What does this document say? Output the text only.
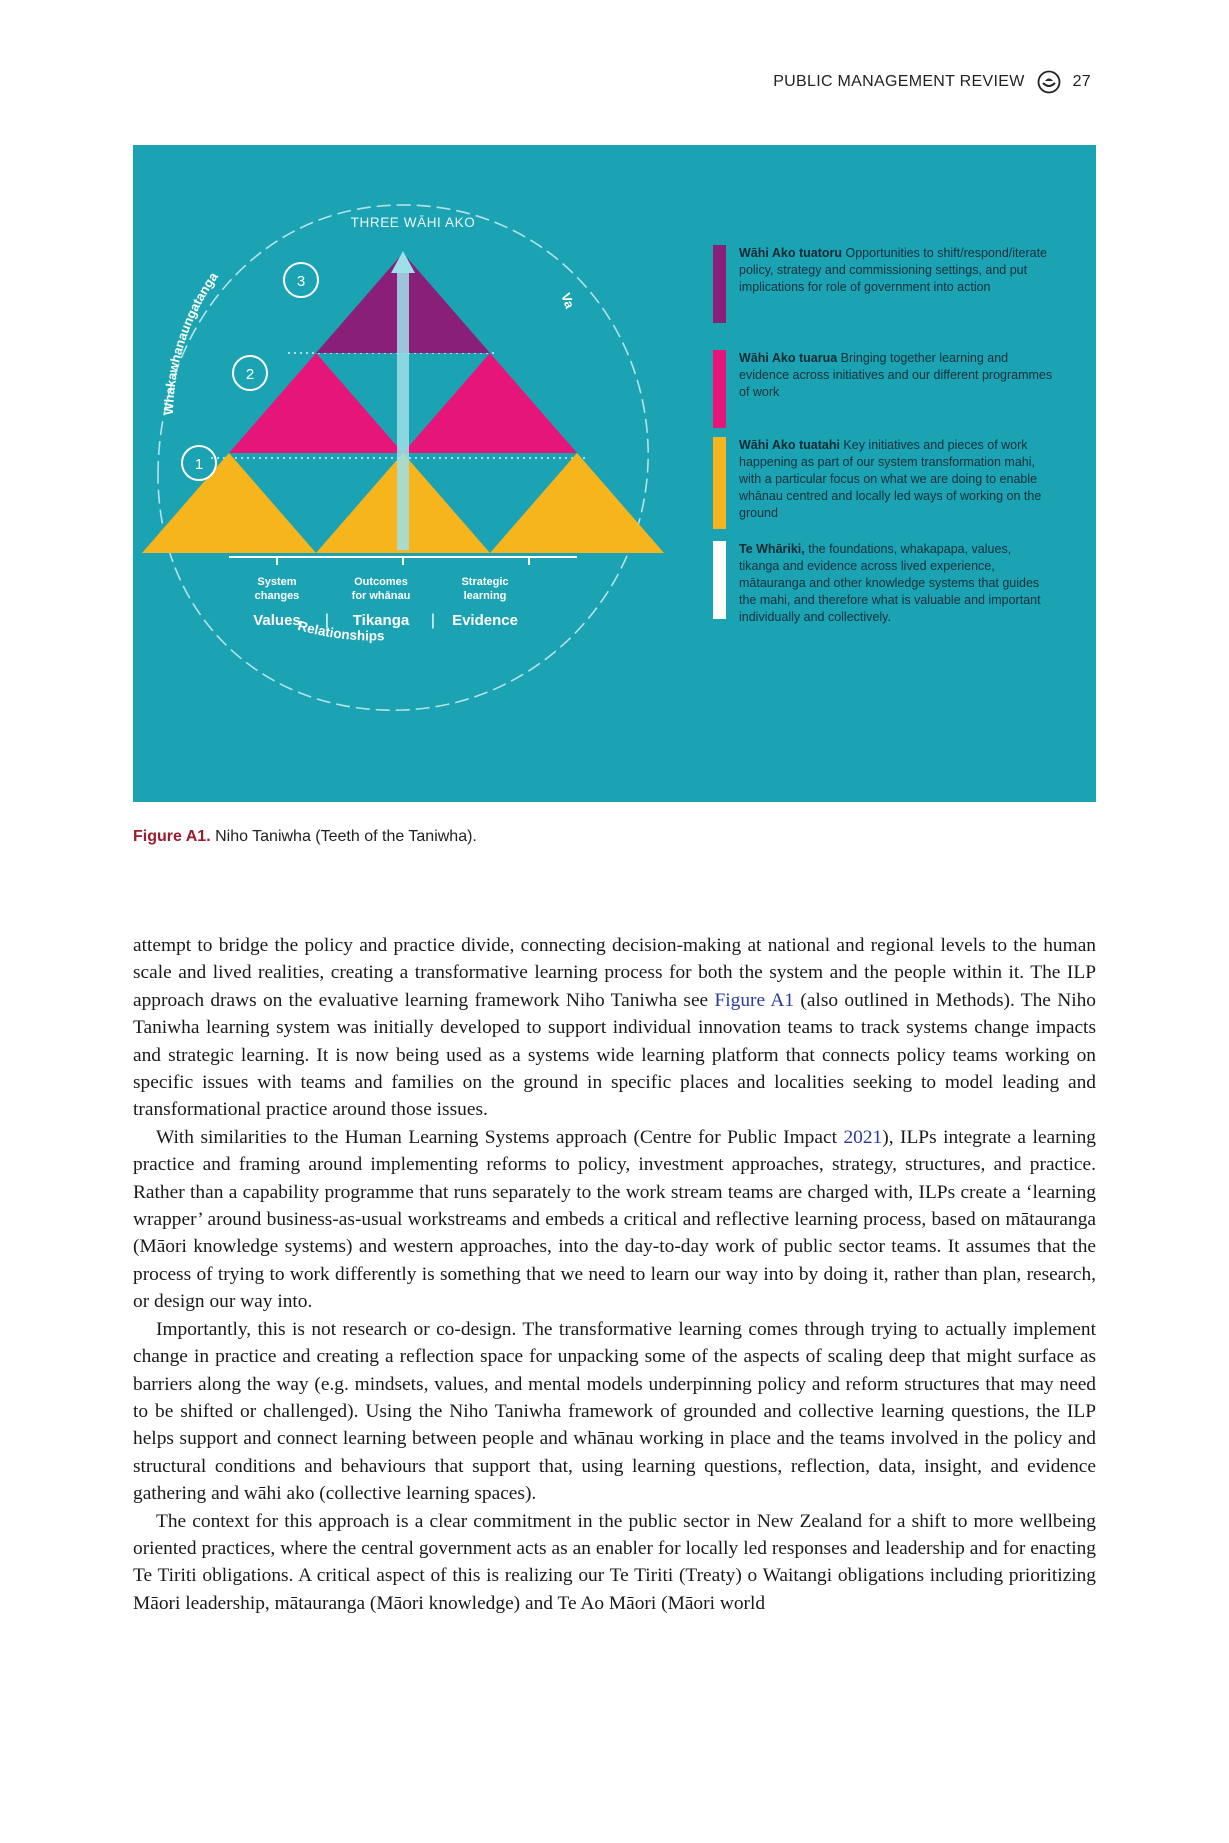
PUBLIC MANAGEMENT REVIEW	27
3
2
1
THREE WĀHI AKO
Whakawhanaungatanga
Va
Relationships
System
changes
Outcomes
for whānau
Strategic
learning
Values	Tikanga	Evidence
|	|
Wāhi Ako tuatoru Opportunities to shift/respond/iterate policy, strategy and commissioning settings, and put implications for role of government into action
Wāhi Ako tuarua Bringing together learning and evidence across initiatives and our different programmes of work
Wāhi Ako tuatahi Key initiatives and pieces of work happening as part of our system transformation mahi, with a particular focus on what we are doing to enable whānau centred and locally led ways of working on the ground
Te Whāriki, the foundations, whakapapa, values, tikanga and evidence across lived experience, mātauranga and other knowledge systems that guides the mahi, and therefore what is valuable and important individually and collectively.
Figure A1. Niho Taniwha (Teeth of the Taniwha).

attempt to bridge the policy and practice divide, connecting decision-making at national and regional levels to the human scale and lived realities, creating a transformative learning process for both the system and the people within it. The ILP approach draws on the evaluative learning framework Niho Taniwha see Figure A1 (also outlined in Methods). The Niho Taniwha learning system was initially developed to support individual innovation teams to track systems change impacts and strategic learning. It is now being used as a systems wide learning platform that connects policy teams working on specific issues with teams and families on the ground in specific places and localities seeking to model leading and transformational practice around those issues.

With similarities to the Human Learning Systems approach (Centre for Public Impact 2021), ILPs integrate a learning practice and framing around implementing reforms to policy, investment approaches, strategy, structures, and practice. Rather than a capability programme that runs separately to the work stream teams are charged with, ILPs create a ‘learning wrapper’ around business-as-usual workstreams and embeds a critical and reflective learning process, based on mātauranga (Māori knowledge systems) and western approaches, into the day-to-day work of public sector teams. It assumes that the process of trying to work differently is something that we need to learn our way into by doing it, rather than plan, research, or design our way into.

Importantly, this is not research or co-design. The transformative learning comes through trying to actually implement change in practice and creating a reflection space for unpacking some of the aspects of scaling deep that might surface as barriers along the way (e.g. mindsets, values, and mental models underpinning policy and reform structures that may need to be shifted or challenged). Using the Niho Taniwha framework of grounded and collective learning questions, the ILP helps support and connect learning between people and whānau working in place and the teams involved in the policy and structural conditions and behaviours that support that, using learning questions, reflection, data, insight, and evidence gathering and wāhi ako (collective learning spaces).

The context for this approach is a clear commitment in the public sector in New Zealand for a shift to more wellbeing oriented practices, where the central government acts as an enabler for locally led responses and leadership and for enacting Te Tiriti obligations. A critical aspect of this is realizing our Te Tiriti (Treaty) o Waitangi obligations including prioritizing Māori leadership, mātauranga (Māori knowledge) and Te Ao Māori (Māori world
